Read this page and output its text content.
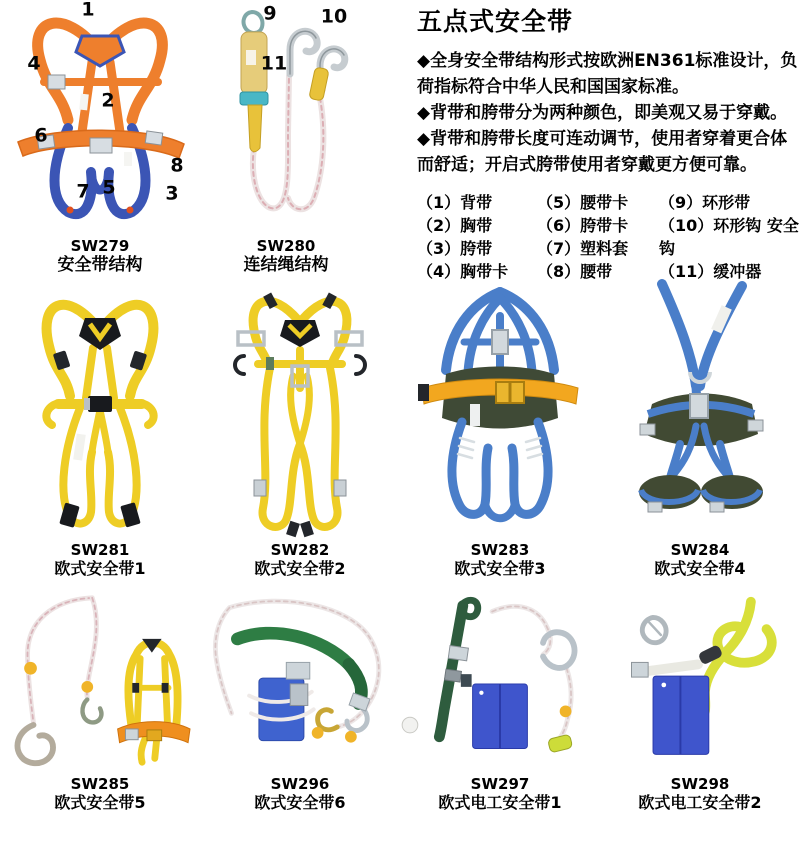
1
2
3
4
5
6
7
8
SW279
安全带结构
9 10
11
SW280
连结绳结构
五点式安全带

◆全身安全带结构形式按欧洲EN361标准设计，负荷指标符合中华人民和国国家标准。

◆背带和胯带分为两种颜色，即美观又易于穿戴。

◆背带和胯带长度可连动调节，使用者穿着更合体而舒适；开启式胯带使用者穿戴更方便可靠。

（1）背带
（2）胸带
（3）胯带
（4）胸带卡
（5）腰带卡
（6）胯带卡
（7）塑料套
（8）腰带
（9）环形带
（10）环形钩 安全钩
（11）缓冲器
SW281
欧式安全带1
SW282
欧式安全带2
SW283
欧式安全带3
SW284
欧式安全带4
SW285
欧式安全带5
SW296
欧式安全带6
SW297
欧式电工安全带1
SW298
欧式电工安全带2
